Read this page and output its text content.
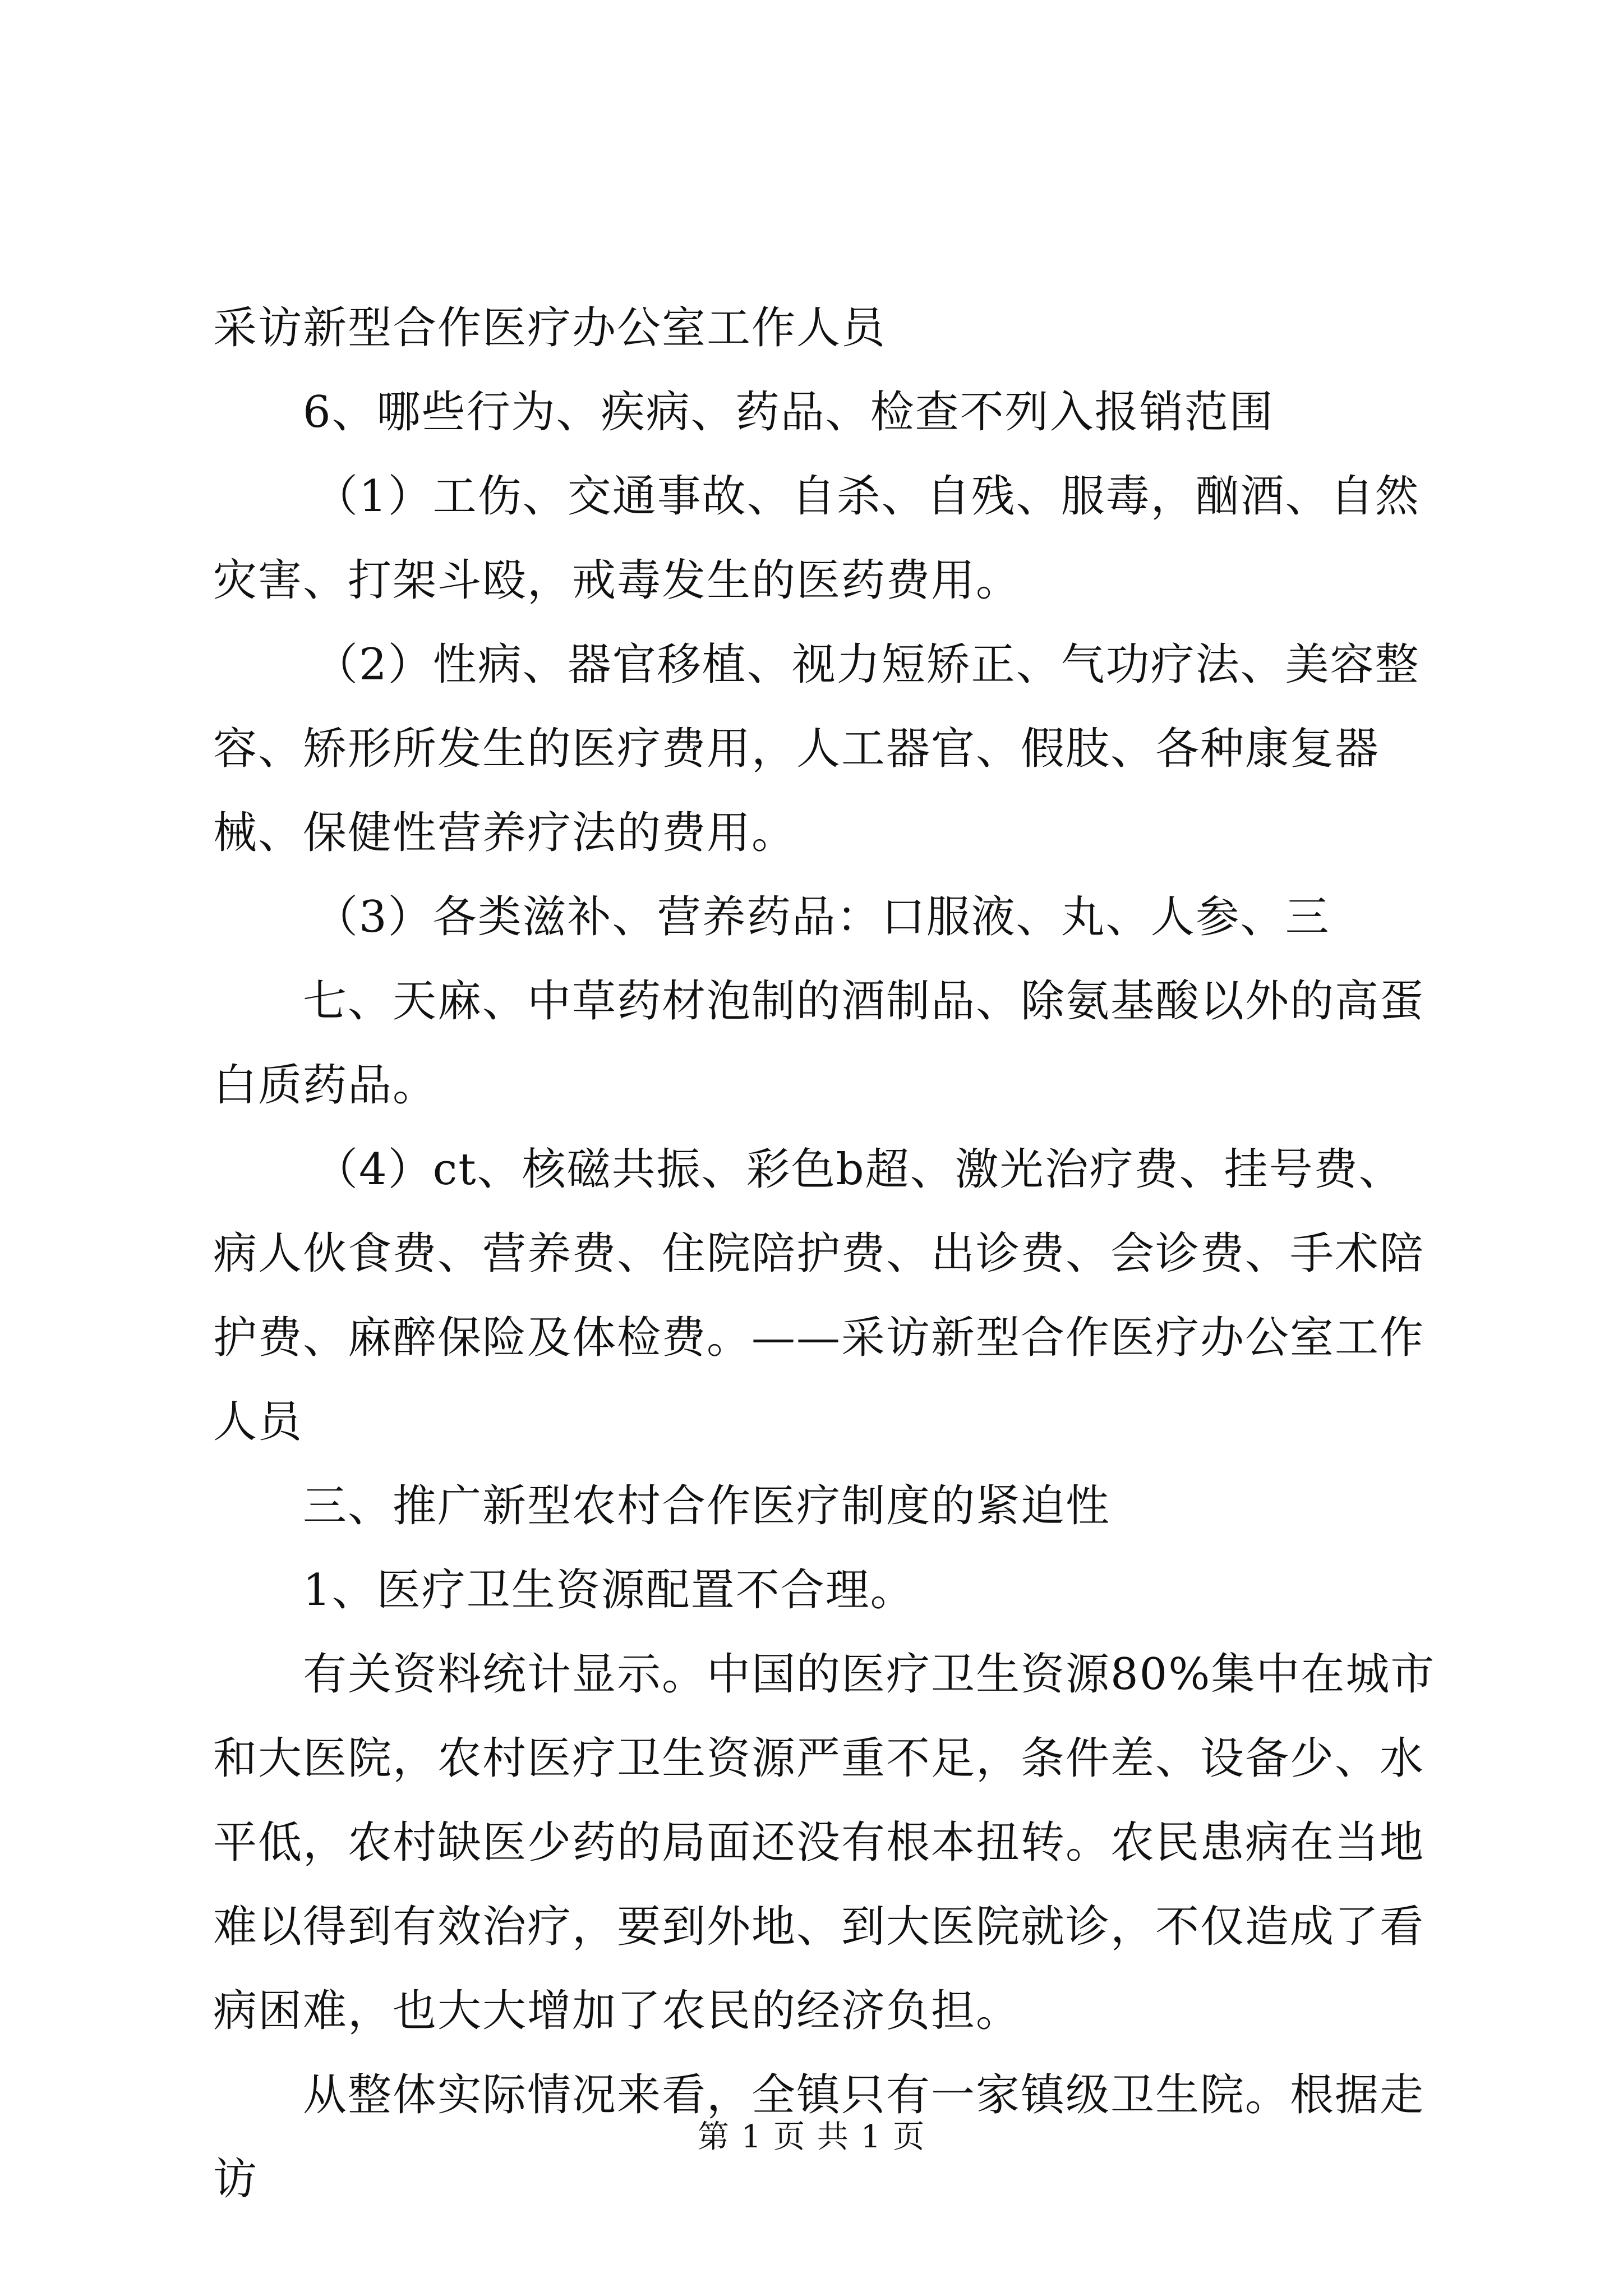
采访新型合作医疗办公室工作人员

6、哪些行为、疾病、药品、检查不列入报销范围

（1）工伤、交通事故、自杀、自残、服毒，酗酒、自然灾害、打架斗殴，戒毒发生的医药费用。

（2）性病、器官移植、视力短矫正、气功疗法、美容整容、矫形所发生的医疗费用，人工器官、假肢、各种康复器械、保健性营养疗法的费用。

（3）各类滋补、营养药品：口服液、丸、人参、三

七、天麻、中草药材泡制的酒制品、除氨基酸以外的高蛋白质药品。

（4）ct、核磁共振、彩色b超、激光治疗费、挂号费、病人伙食费、营养费、住院陪护费、出诊费、会诊费、手术陪护费、麻醉保险及体检费。——采访新型合作医疗办公室工作人员

三、推广新型农村合作医疗制度的紧迫性

1、医疗卫生资源配置不合理。

有关资料统计显示。中国的医疗卫生资源80%集中在城市和大医院，农村医疗卫生资源严重不足，条件差、设备少、水平低，农村缺医少药的局面还没有根本扭转。农民患病在当地难以得到有效治疗，要到外地、到大医院就诊，不仅造成了看病困难，也大大增加了农民的经济负担。

从整体实际情况来看，全镇只有一家镇级卫生院。根据走访

第 1 页 共 1 页
